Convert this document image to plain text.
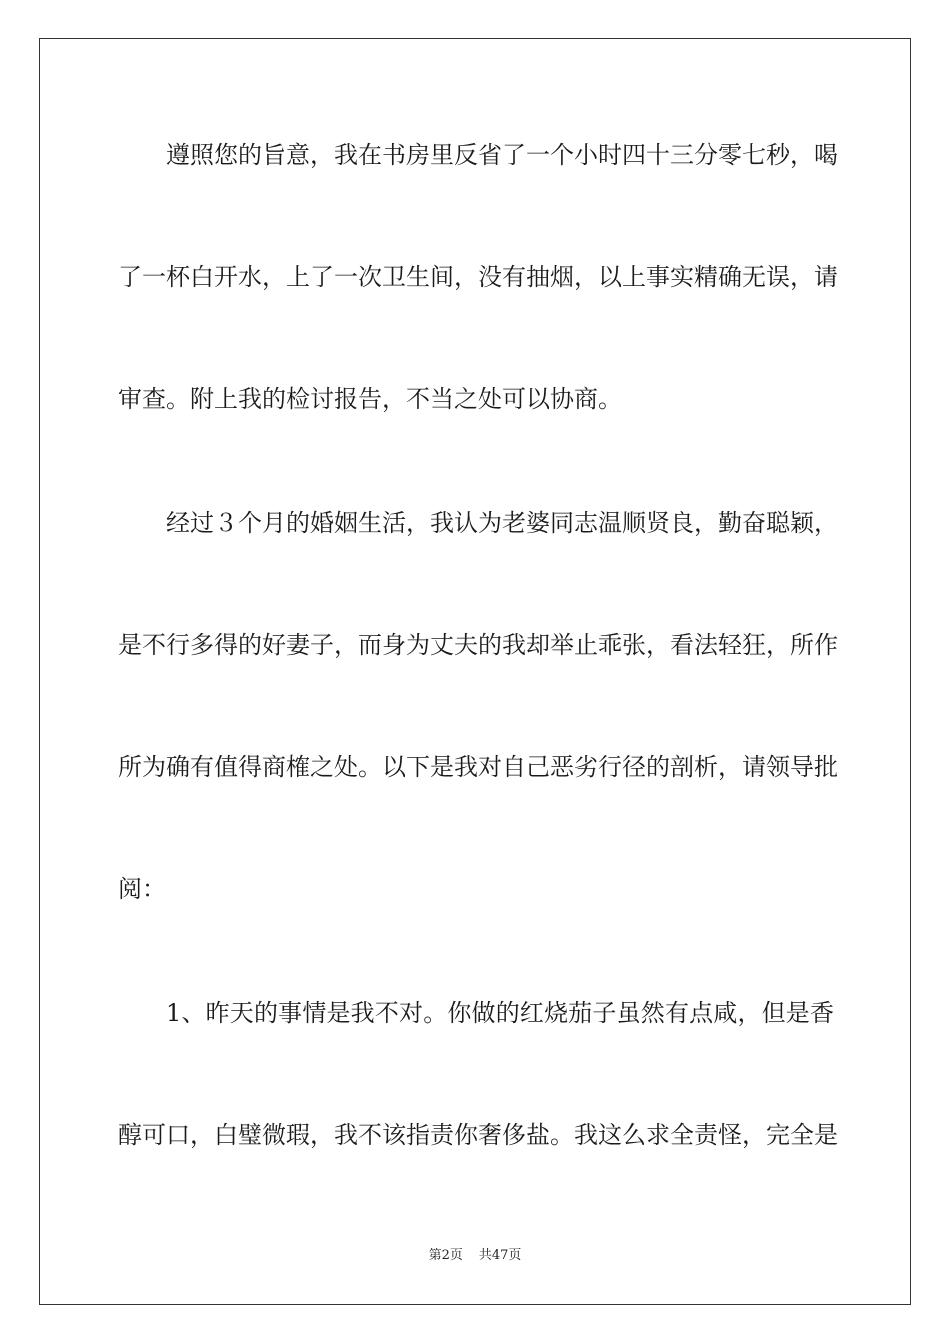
遵照您的旨意，我在书房里反省了一个小时四十三分零七秒，喝
了一杯白开水，上了一次卫生间，没有抽烟，以上事实精确无误，请
审查。附上我的检讨报告，不当之处可以协商。
经过３个月的婚姻生活，我认为老婆同志温顺贤良，勤奋聪颖，
是不行多得的好妻子，而身为丈夫的我却举止乖张，看法轻狂，所作
所为确有值得商榷之处。以下是我对自己恶劣行径的剖析，请领导批
阅：
1、昨天的事情是我不对。你做的红烧茄子虽然有点咸，但是香
醇可口，白璧微瑕，我不该指责你奢侈盐。我这么求全责怪，完全是
第2页 共47页
